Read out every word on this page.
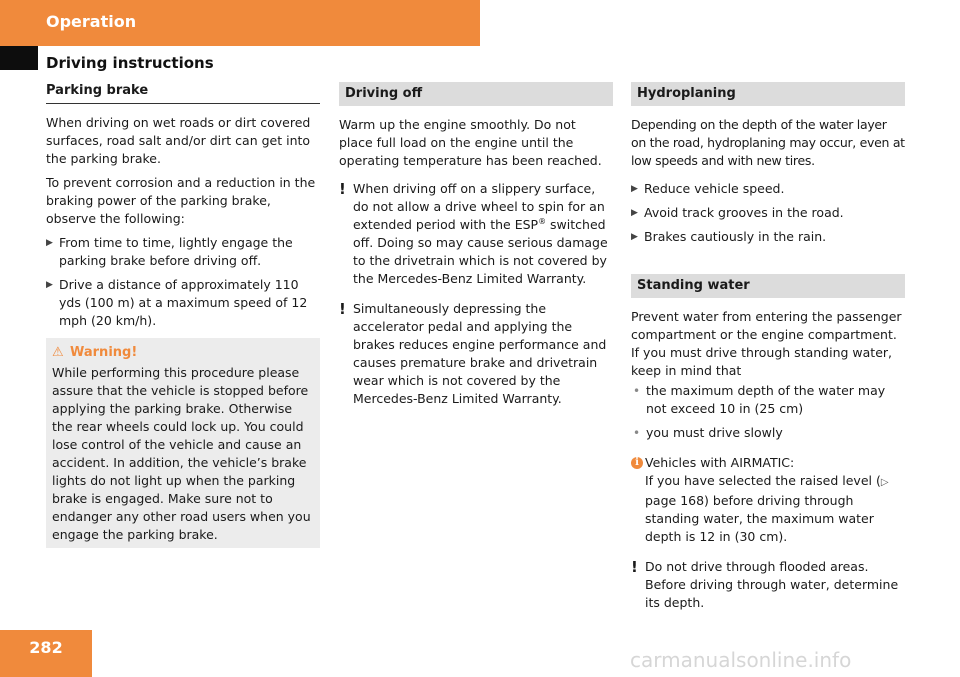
Operation
Driving instructions
Parking brake

When driving on wet roads or dirt covered surfaces, road salt and/or dirt can get into the parking brake.

To prevent corrosion and a reduction in the braking power of the parking brake, observe the following:

▶ From time to time, lightly engage the parking brake before driving off.
▶ Drive a distance of approximately 110 yds (100 m) at a maximum speed of 12 mph (20 km/h).
⚠ Warning!
While performing this procedure please assure that the vehicle is stopped before applying the parking brake. Otherwise the rear wheels could lock up. You could lose control of the vehicle and cause an accident. In addition, the vehicle’s brake lights do not light up when the parking brake is engaged. Make sure not to endanger any other road users when you engage the parking brake.
Driving off

Warm up the engine smoothly. Do not place full load on the engine until the operating temperature has been reached.

! When driving off on a slippery surface, do not allow a drive wheel to spin for an extended period with the ESP® switched off. Doing so may cause serious damage to the drivetrain which is not covered by the Mercedes-Benz Limited Warranty.
! Simultaneously depressing the accelerator pedal and applying the brakes reduces engine performance and causes premature brake and drivetrain wear which is not covered by the Mercedes-Benz Limited Warranty.
Hydroplaning

Depending on the depth of the water layer on the road, hydroplaning may occur, even at low speeds and with new tires.

▶ Reduce vehicle speed.
▶ Avoid track grooves in the road.
▶ Brakes cautiously in the rain.
Standing water

Prevent water from entering the passenger compartment or the engine compartment. If you must drive through standing water, keep in mind that

• the maximum depth of the water may not exceed 10 in (25 cm)
• you must drive slowly
i Vehicles with AIRMATIC:
If you have selected the raised level (▷ page 168) before driving through standing water, the maximum water depth is 12 in (30 cm).
! Do not drive through flooded areas. Before driving through water, determine its depth.
282
carmanualsonline.info
